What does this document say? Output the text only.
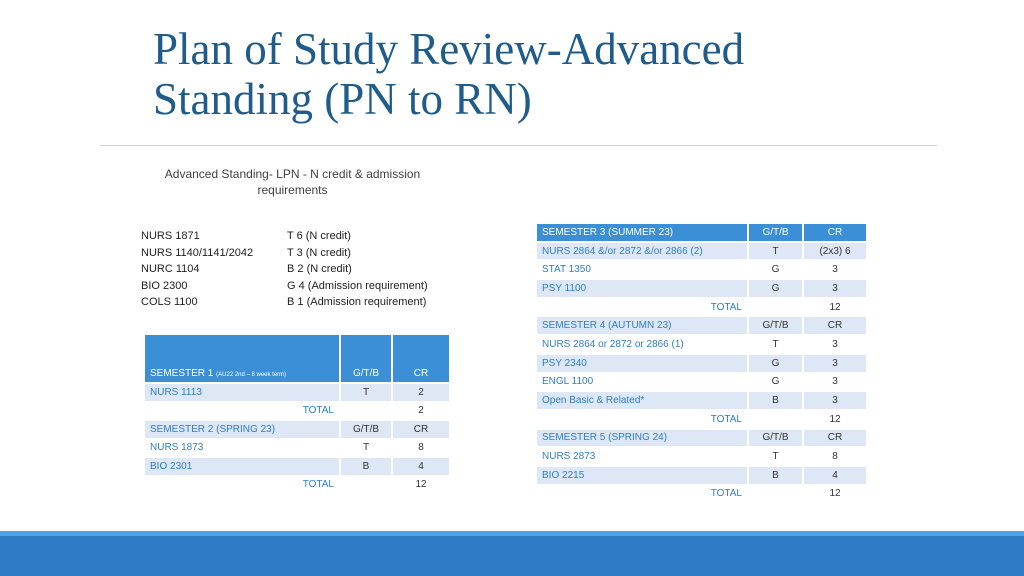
Plan of Study Review-Advanced
Standing (PN to RN)
Advanced Standing- LPN - N credit & admission
requirements
NURS 1871	T 6 (N credit)
NURS 1140/1141/2042	T 3 (N credit)
NURC 1104	B 2 (N credit)
BIO 2300	G 4 (Admission requirement)
COLS 1100	B 1 (Admission requirement)
SEMESTER 1 (AU22 2nd – 8 week term)	G/T/B	CR
NURS 1113	T	2
TOTAL		2
SEMESTER 2 (SPRING 23)	G/T/B	CR
NURS 1873	T	8
BIO 2301	B	4
TOTAL		12
SEMESTER 3 (SUMMER 23)	G/T/B	CR
NURS 2864 &/or 2872 &/or 2866 (2)	T	(2x3) 6
STAT 1350	G	3
PSY 1100	G	3
TOTAL		12
SEMESTER 4 (AUTUMN 23)	G/T/B	CR
NURS 2864 or 2872 or 2866 (1)	T	3
PSY 2340	G	3
ENGL 1100	G	3
Open Basic & Related*	B	3
TOTAL		12
SEMESTER 5 (SPRING 24)	G/T/B	CR
NURS 2873	T	8
BIO 2215	B	4
TOTAL		12
